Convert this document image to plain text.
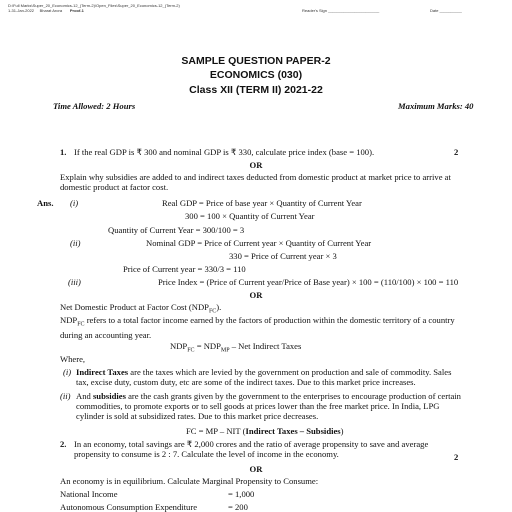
D:\Full Marks\Super_20_Economics-12_(Term-2)\Open_Files\Super_20_Economics-12_(Term-2)
1-31-Jan-2022 Bharat Arora Proof-1	Reader's Sign _______________________	Date __________
SAMPLE QUESTION PAPER-2
ECONOMICS (030)
Class XII (TERM II) 2021-22
Time Allowed: 2 Hours	Maximum Marks: 40
1. If the real GDP is ₹ 300 and nominal GDP is ₹ 330, calculate price index (base = 100).	2
OR
Explain why subsidies are added to and indirect taxes deducted from domestic product at market price to arrive at domestic product at factor cost.
Ans. (i)	Real GDP = Price of base year × Quantity of Current Year
300 = 100 × Quantity of Current Year
Quantity of Current Year = 300/100 = 3
(ii)	Nominal GDP = Price of Current year × Quantity of Current Year
330 = Price of Current year × 3
Price of Current year = 330/3 = 110
(iii)	Price Index = (Price of Current year/Price of Base year) × 100 = (110/100) × 100 = 110
OR
Net Domestic Product at Factor Cost $(NDP_{FC})$.
$NDP_{FC}$ refers to a total factor income earned by the factors of production within the domestic territory of a country during an accounting year.
$NDP_{FC} = NDP_{MP}$ – Net Indirect Taxes
Where,
(i) Indirect Taxes are the taxes which are levied by the government on production and sale of commodity. Sales tax, excise duty, custom duty, etc are some of the indirect taxes. Due to this market price increases.
(ii) And subsidies are the cash grants given by the government to the enterprises to encourage production of certain commodities, to promote exports or to sell goods at prices lower than the free market price. In India, LPG cylinder is sold at subsidized rates. Due to this market price decreases.
FC = MP – NIT (Indirect Taxes – Subsidies)
2. In an economy, total savings are ₹ 2,000 crores and the ratio of average propensity to save and average propensity to consume is 2 : 7. Calculate the level of income in the economy.	2
OR
An economy is in equilibrium. Calculate Marginal Propensity to Consume:
National Income	= 1,000
Autonomous Consumption Expenditure	= 200
